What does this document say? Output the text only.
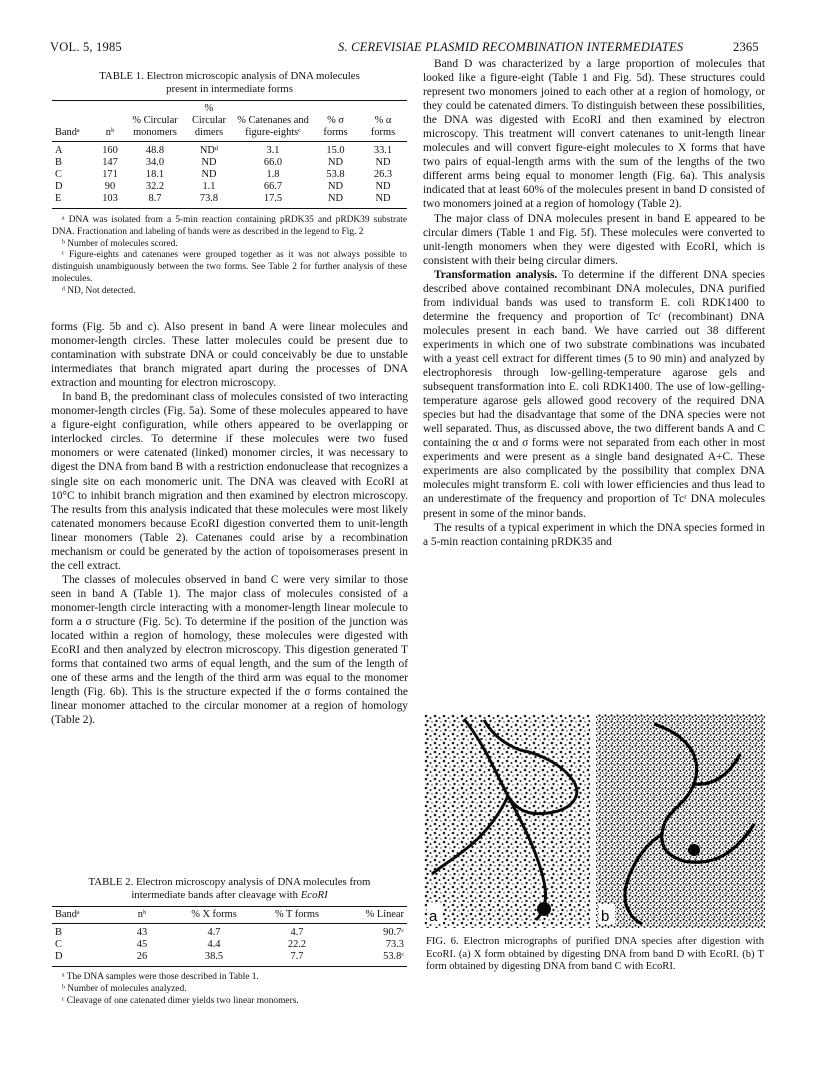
VOL. 5, 1985	S. CEREVISIAE PLASMID RECOMBINATION INTERMEDIATES	2365
TABLE 1. Electron microscopic analysis of DNA molecules
present in intermediate forms
Bandᵃ	nᵇ	% Circular monomers	% Circular dimers	% Catenanes and figure-eightsᶜ	% σ forms	% α forms
A	160	48.8	NDᵈ	3.1	15.0	33.1
B	147	34.0	ND	66.0	ND	ND
C	171	18.1	ND	1.8	53.8	26.3
D	90	32.2	1.1	66.7	ND	ND
E	103	8.7	73.8	17.5	ND	ND
ᵃ DNA was isolated from a 5-min reaction containing pRDK35 and pRDK39 substrate DNA. Fractionation and labeling of bands were as described in the legend to Fig. 2
ᵇ Number of molecules scored.
ᶜ Figure-eights and catenanes were grouped together as it was not always possible to distinguish unambiguously between the two forms. See Table 2 for further analysis of these molecules.
ᵈ ND, Not detected.

forms (Fig. 5b and c). Also present in band A were linear molecules and monomer-length circles. These latter molecules could be present due to contamination with substrate DNA or could conceivably be due to unstable intermediates that branch migrated apart during the processes of DNA extraction and mounting for electron microscopy.

In band B, the predominant class of molecules consisted of two interacting monomer-length circles (Fig. 5a). Some of these molecules appeared to have a figure-eight configuration, while others appeared to be overlapping or interlocked circles. To determine if these molecules were two fused monomers or were catenated (linked) monomer circles, it was necessary to digest the DNA from band B with a restriction endonuclease that recognizes a single site on each monomeric unit. The DNA was cleaved with EcoRI at 10°C to inhibit branch migration and then examined by electron microscopy. The results from this analysis indicated that these molecules were most likely catenated monomers because EcoRI digestion converted them to unit-length linear monomers (Table 2). Catenanes could arise by a recombination mechanism or could be generated by the action of topoisomerases present in the cell extract.

The classes of molecules observed in band C were very similar to those seen in band A (Table 1). The major class of molecules consisted of a monomer-length circle interacting with a monomer-length linear molecule to form a σ structure (Fig. 5c). To determine if the position of the junction was located within a region of homology, these molecules were digested with EcoRI and then analyzed by electron microscopy. This digestion generated T forms that contained two arms of equal length, and the sum of the length of one of these arms and the length of the third arm was equal to the monomer length (Fig. 6b). This is the structure expected if the σ forms contained the linear monomer attached to the circular monomer at a region of homology (Table 2).

TABLE 2. Electron microscopy analysis of DNA molecules from
intermediate bands after cleavage with EcoRI
Bandᵃ	nᵇ	% X forms	% T forms	% Linear
B	43	4.7	4.7	90.7ᶜ
C	45	4.4	22.2	73.3
D	26	38.5	7.7	53.8ᶜ
ᵃ The DNA samples were those described in Table 1.
ᵇ Number of molecules analyzed.
ᶜ Cleavage of one catenated dimer yields two linear monomers.

Band D was characterized by a large proportion of molecules that looked like a figure-eight (Table 1 and Fig. 5d). These structures could represent two monomers joined to each other at a region of homology, or they could be catenated dimers. To distinguish between these possibilities, the DNA was digested with EcoRI and then examined by electron microscopy. This treatment will convert catenanes to unit-length linear molecules and will convert figure-eight molecules to X forms that have two pairs of equal-length arms with the sum of the lengths of the two different arms being equal to monomer length (Fig. 6a). This analysis indicated that at least 60% of the molecules present in band D consisted of two monomers joined at a region of homology (Table 2).

The major class of DNA molecules present in band E appeared to be circular dimers (Table 1 and Fig. 5f). These molecules were converted to unit-length monomers when they were digested with EcoRI, which is consistent with their being circular dimers.

Transformation analysis. To determine if the different DNA species described above contained recombinant DNA molecules, DNA purified from individual bands was used to transform E. coli RDK1400 to determine the frequency and proportion of Tcʳ (recombinant) DNA molecules present in each band. We have carried out 38 different experiments in which one of two substrate combinations was incubated with a yeast cell extract for different times (5 to 90 min) and analyzed by electrophoresis through low-gelling-temperature agarose gels and subsequent transformation into E. coli RDK1400. The use of low-gelling-temperature agarose gels allowed good recovery of the required DNA species but had the disadvantage that some of the DNA species were not well separated. Thus, as discussed above, the two different bands A and C containing the α and σ forms were not separated from each other in most experiments and were present as a single band designated A+C. These experiments are also complicated by the possibility that complex DNA molecules might transform E. coli with lower efficiencies and thus lead to an underestimate of the frequency and proportion of Tcʳ DNA molecules present in some of the minor bands.

The results of a typical experiment in which the DNA species formed in a 5-min reaction containing pRDK35 and

a	b
FIG. 6. Electron micrographs of purified DNA species after digestion with EcoRI. (a) X form obtained by digesting DNA from band D with EcoRI. (b) T form obtained by digesting DNA from band C with EcoRI.
